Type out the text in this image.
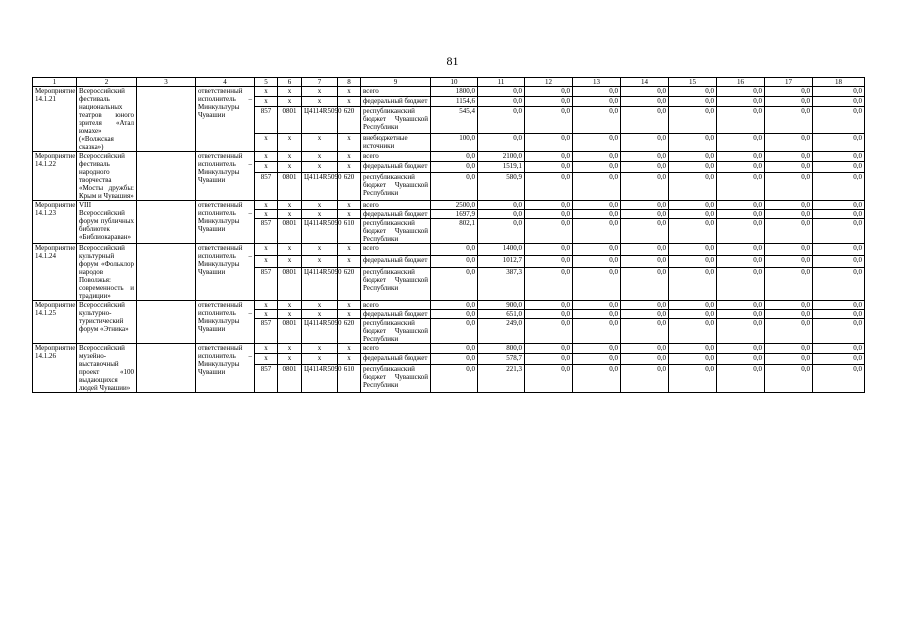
81
1	2	3	4	5	6	7	8	9	10	11	12	13	14	15	16	17	18
Мероприятие 14.1.21	Всероссийский фестиваль национальных театров юного зрителя «Атал юмахе» («Волжская сказка»)		ответственный исполнитель – Минкультуры Чувашии	x	x	x	x	всего	1800,0	0,0	0,0	0,0	0,0	0,0	0,0	0,0	0,0
				x	x	x	x	федеральный бюджет	1154,6	0,0	0,0	0,0	0,0	0,0	0,0	0,0	0,0
				857	0801	Ц4114R5090	620	республиканский бюджет Чувашской Республики	545,4	0,0	0,0	0,0	0,0	0,0	0,0	0,0	0,0
				x	x	x	x	внебюджетные источники	100,0	0,0	0,0	0,0	0,0	0,0	0,0	0,0	0,0
Мероприятие 14.1.22	Всероссийский фестиваль народного творчества «Мосты дружбы: Крым и Чувашия»		ответственный исполнитель – Минкультуры Чувашии	x	x	x	x	всего	0,0	2100,0	0,0	0,0	0,0	0,0	0,0	0,0	0,0
				x	x	x	x	федеральный бюджет	0,0	1519,1	0,0	0,0	0,0	0,0	0,0	0,0	0,0
				857	0801	Ц4114R5090	620	республиканский бюджет Чувашской Республики	0,0	580,9	0,0	0,0	0,0	0,0	0,0	0,0	0,0
Мероприятие 14.1.23	VIII Всероссийский форум публичных библиотек «Библиокараван»		ответственный исполнитель – Минкультуры Чувашии	x	x	x	x	всего	2500,0	0,0	0,0	0,0	0,0	0,0	0,0	0,0	0,0
				x	x	x	x	федеральный бюджет	1697,9	0,0	0,0	0,0	0,0	0,0	0,0	0,0	0,0
				857	0801	Ц4114R5090	610	республиканский бюджет Чувашской Республики	802,1	0,0	0,0	0,0	0,0	0,0	0,0	0,0	0,0
Мероприятие 14.1.24	Всероссийский культурный форум «Фольклор народов Поволжья: современность и традиции»		ответственный исполнитель – Минкультуры Чувашии	x	x	x	x	всего	0,0	1400,0	0,0	0,0	0,0	0,0	0,0	0,0	0,0
				x	x	x	x	федеральный бюджет	0,0	1012,7	0,0	0,0	0,0	0,0	0,0	0,0	0,0
				857	0801	Ц4114R5090	620	республиканский бюджет Чувашской Республики	0,0	387,3	0,0	0,0	0,0	0,0	0,0	0,0	0,0
Мероприятие 14.1.25	Всероссийский культурно-туристический форум «Этника»		ответственный исполнитель – Минкультуры Чувашии	x	x	x	x	всего	0,0	900,0	0,0	0,0	0,0	0,0	0,0	0,0	0,0
				x	x	x	x	федеральный бюджет	0,0	651,0	0,0	0,0	0,0	0,0	0,0	0,0	0,0
				857	0801	Ц4114R5090	620	республиканский бюджет Чувашской Республики	0,0	249,0	0,0	0,0	0,0	0,0	0,0	0,0	0,0
Мероприятие 14.1.26	Всероссийский музейно-выставочный проект «100 выдающихся людей Чувашии»		ответственный исполнитель – Минкультуры Чувашии	x	x	x	x	всего	0,0	800,0	0,0	0,0	0,0	0,0	0,0	0,0	0,0
				x	x	x	x	федеральный бюджет	0,0	578,7	0,0	0,0	0,0	0,0	0,0	0,0	0,0
				857	0801	Ц4114R5090	610	республиканский бюджет Чувашской Республики	0,0	221,3	0,0	0,0	0,0	0,0	0,0	0,0	0,0
